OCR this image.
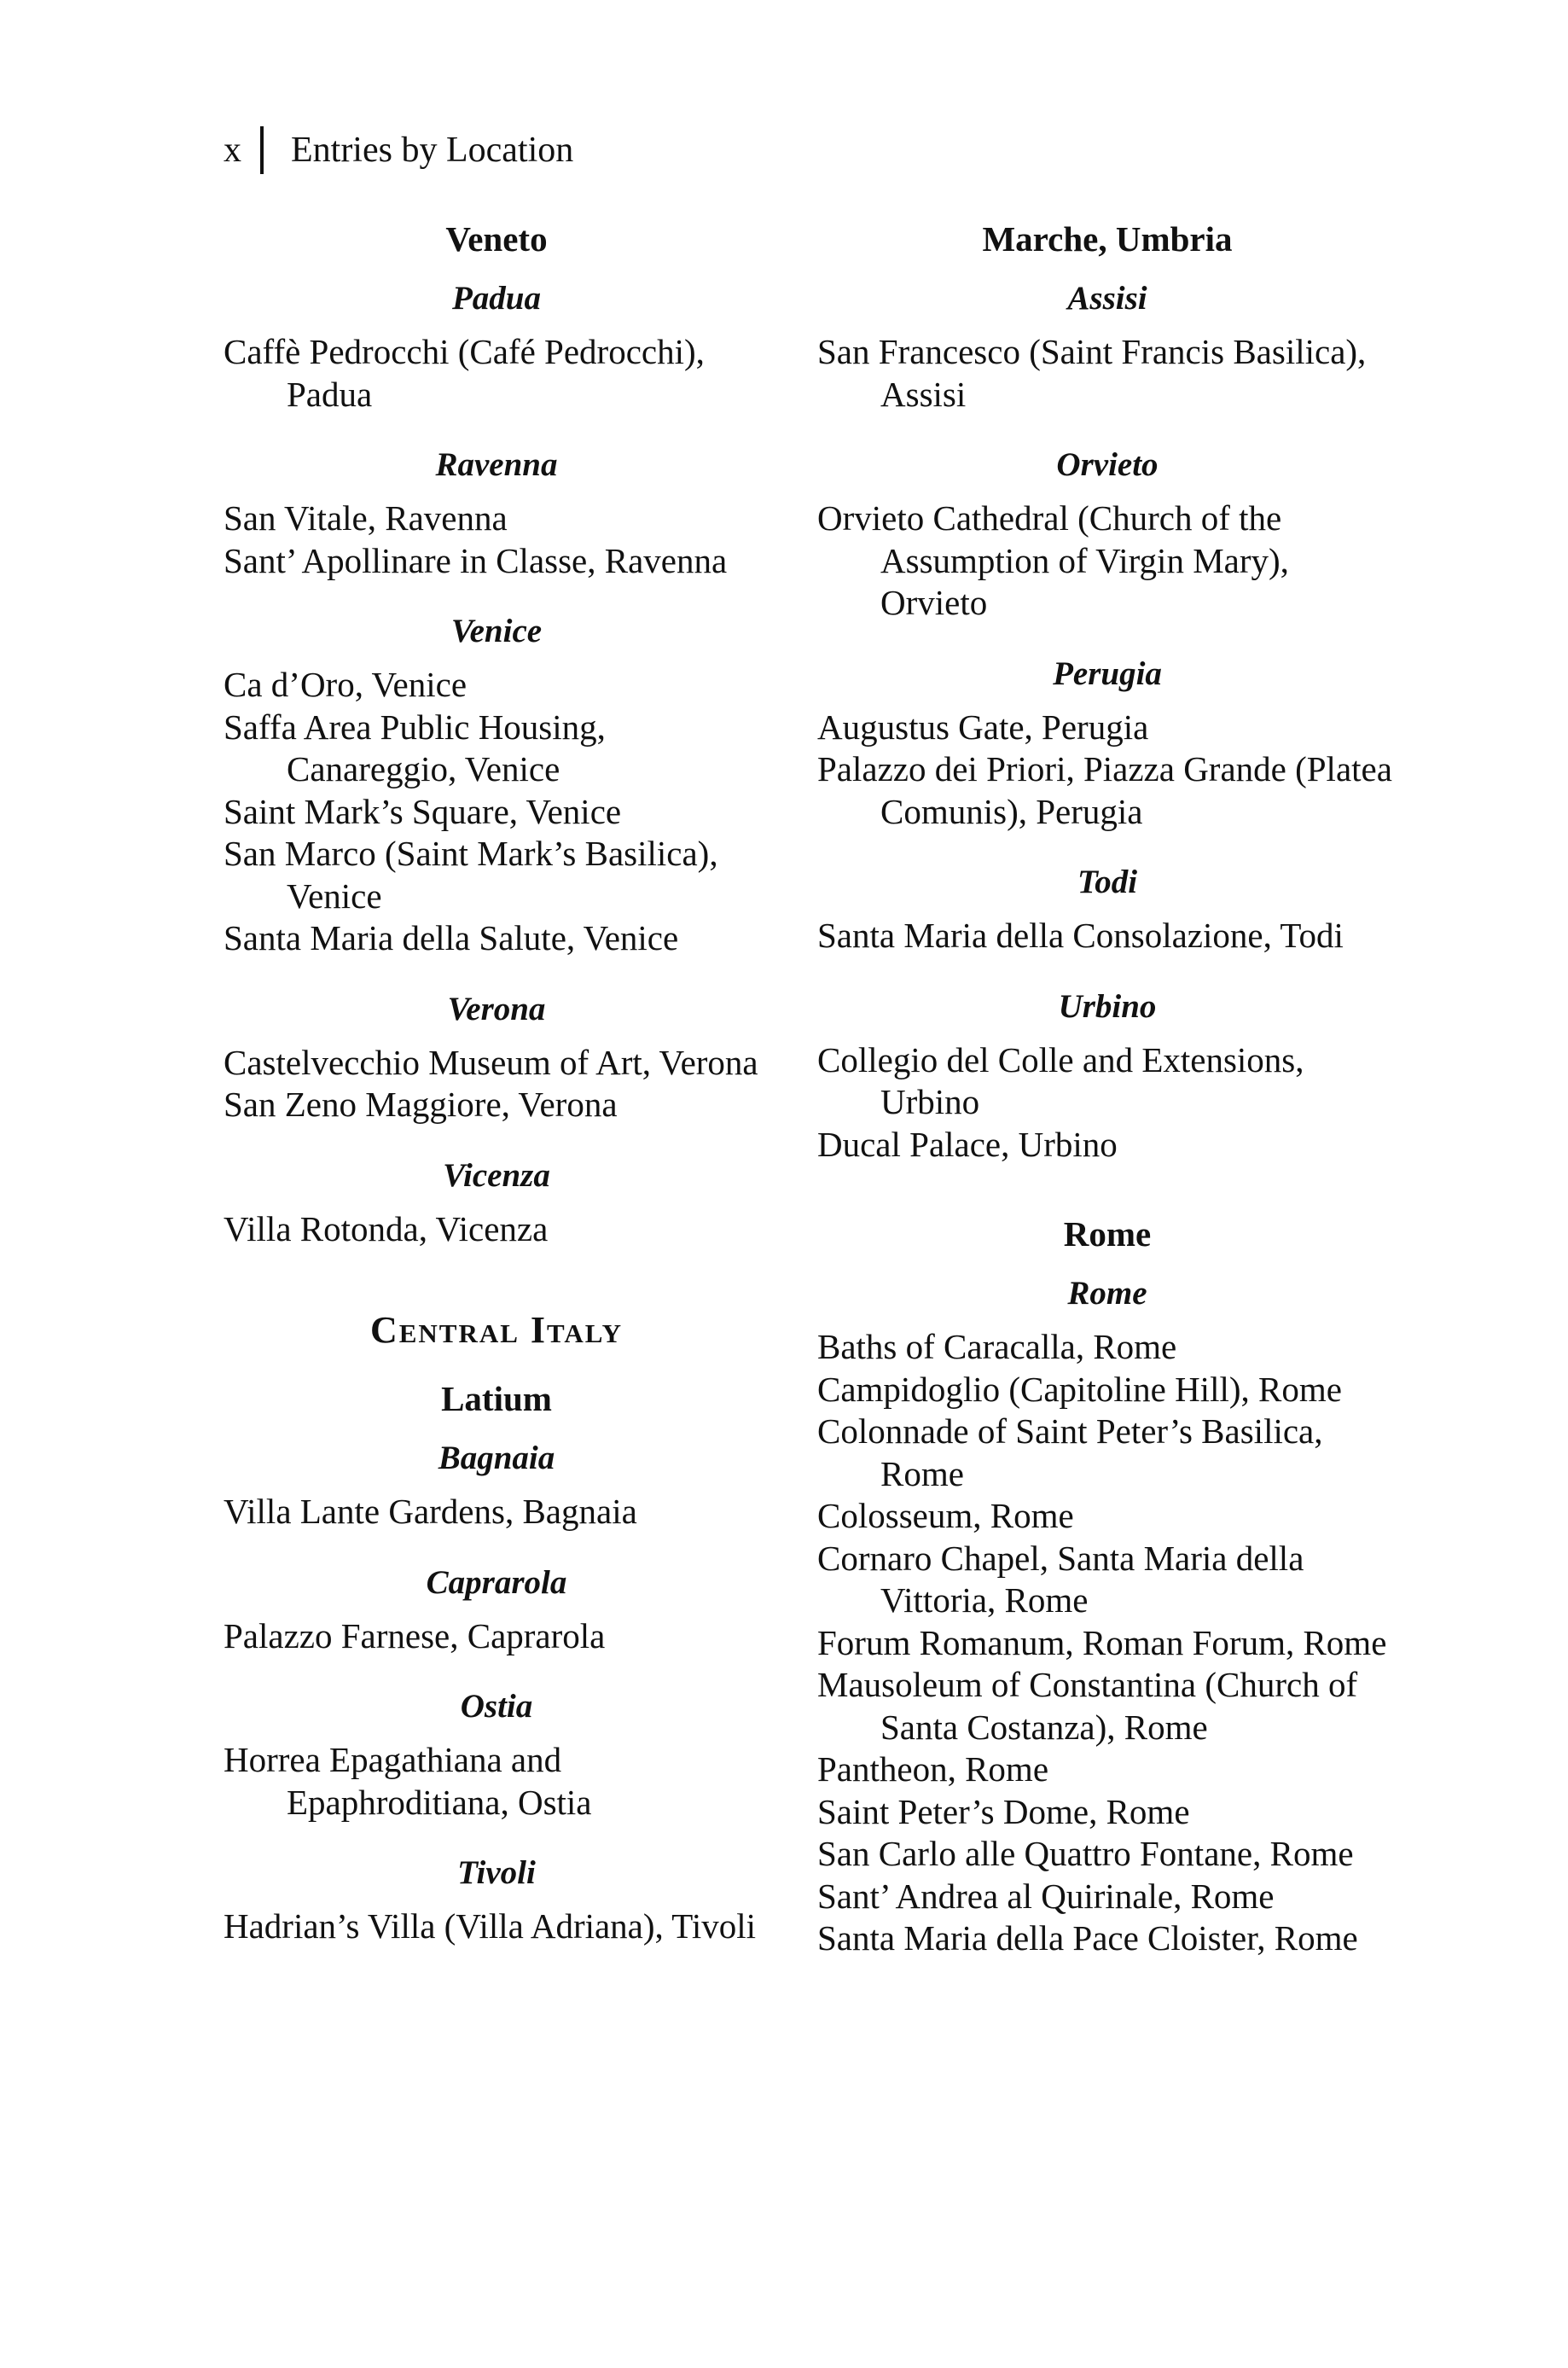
x Entries by Location
Veneto
Padua

Caffè Pedrocchi (Café Pedrocchi), Padua

Ravenna

San Vitale, Ravenna

Sant’ Apollinare in Classe, Ravenna

Venice

Ca d’Oro, Venice

Saffa Area Public Housing, Canareggio, Venice

Saint Mark’s Square, Venice

San Marco (Saint Mark’s Basilica), Venice

Santa Maria della Salute, Venice

Verona

Castelvecchio Museum of Art, Verona

San Zeno Maggiore, Verona

Vicenza

Villa Rotonda, Vicenza

Central Italy
Latium
Bagnaia

Villa Lante Gardens, Bagnaia

Caprarola

Palazzo Farnese, Caprarola

Ostia

Horrea Epagathiana and Epaphroditiana, Ostia

Tivoli

Hadrian’s Villa (Villa Adriana), Tivoli

Marche, Umbria
Assisi

San Francesco (Saint Francis Basilica), Assisi

Orvieto

Orvieto Cathedral (Church of the Assumption of Virgin Mary), Orvieto

Perugia

Augustus Gate, Perugia

Palazzo dei Priori, Piazza Grande (Platea Comunis), Perugia

Todi

Santa Maria della Consolazione, Todi

Urbino

Collegio del Colle and Extensions, Urbino

Ducal Palace, Urbino

Rome
Rome

Baths of Caracalla, Rome

Campidoglio (Capitoline Hill), Rome

Colonnade of Saint Peter’s Basilica, Rome

Colosseum, Rome

Cornaro Chapel, Santa Maria della Vittoria, Rome

Forum Romanum, Roman Forum, Rome

Mausoleum of Constantina (Church of Santa Costanza), Rome

Pantheon, Rome

Saint Peter’s Dome, Rome

San Carlo alle Quattro Fontane, Rome

Sant’ Andrea al Quirinale, Rome

Santa Maria della Pace Cloister, Rome
